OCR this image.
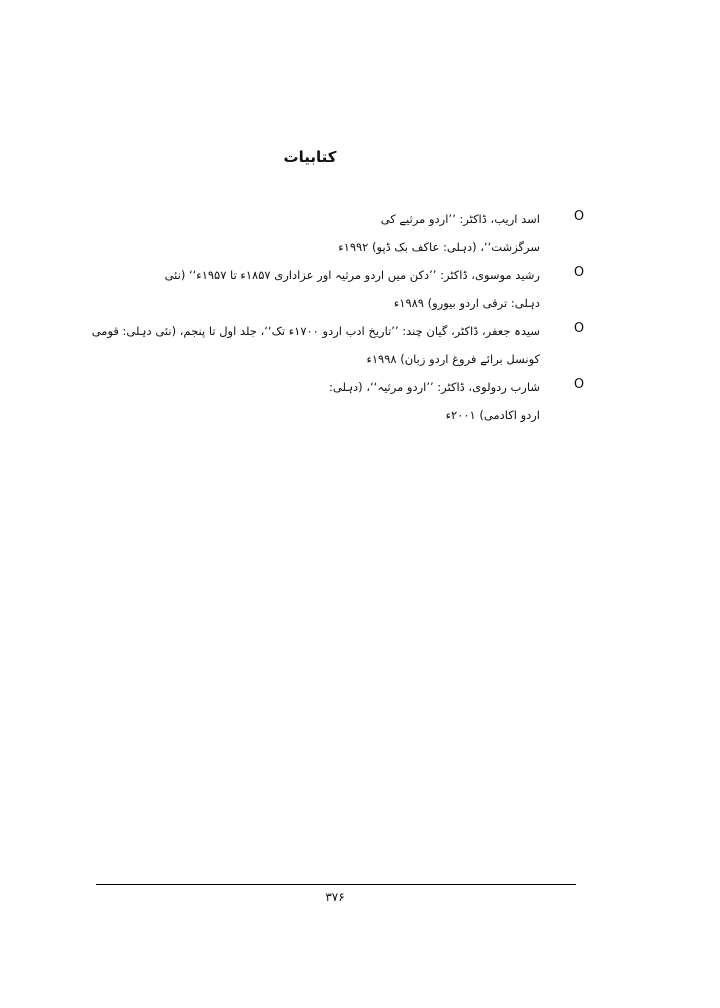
کتابیات
O
اسد اریب، ڈاکٹر: ’’اردو مرثیے کی سرگزشت‘‘، (دہلی: عاکف بک ڈپو) ۱۹۹۲ء
O
رشید موسوی، ڈاکٹر: ’’دکن میں اردو مرثیہ اور عزاداری ۱۸۵۷ء تا ۱۹۵۷ء‘‘ (نئی دہلی: ترقی اردو بیورو) ۱۹۸۹ء
O
سیدہ جعفر، ڈاکٹر، گیان چند: ’’تاریخ ادب اردو ۱۷۰۰ء تک‘‘، جلد اول تا پنجم، (نئی دہلی: قومی کونسل برائے فروغ اردو زبان) ۱۹۹۸ء
O
شارب ردولوی، ڈاکٹر: ’’اردو مرثیہ‘‘، (دہلی: اردو اکادمی) ۲۰۰۱ء
۳۷۶
